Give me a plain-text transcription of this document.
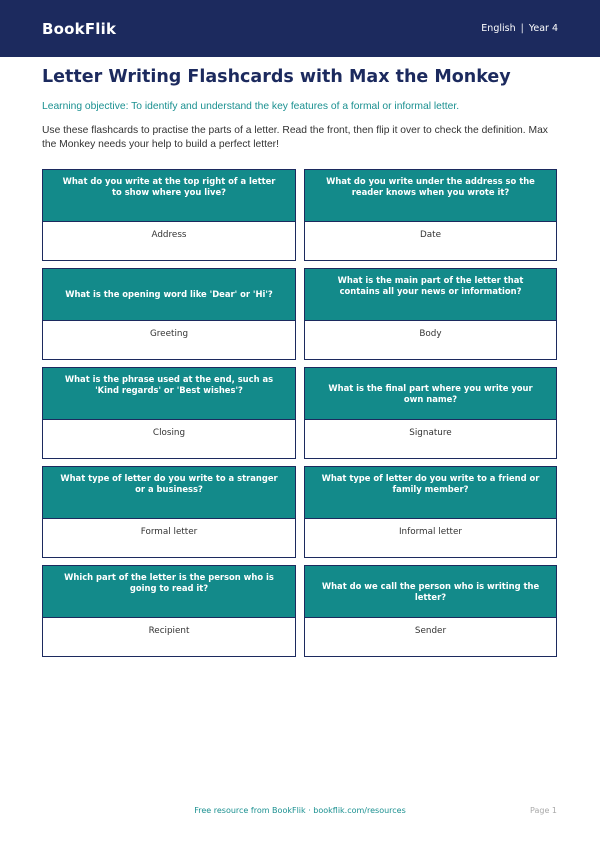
BookFlik	English | Year 4
Letter Writing Flashcards with Max the Monkey

Learning objective: To identify and understand the key features of a formal or informal letter.

Use these flashcards to practise the parts of a letter. Read the front, then flip it over to check the definition. Max the Monkey needs your help to build a perfect letter!

What do you write at the top right of a letter to show where you live?
Address
What do you write under the address so the reader knows when you wrote it?
Date
What is the opening word like 'Dear' or 'Hi'?
Greeting
What is the main part of the letter that contains all your news or information?
Body
What is the phrase used at the end, such as 'Kind regards' or 'Best wishes'?
Closing
What is the final part where you write your own name?
Signature
What type of letter do you write to a stranger or a business?
Formal letter
What type of letter do you write to a friend or family member?
Informal letter
Which part of the letter is the person who is going to read it?
Recipient
What do we call the person who is writing the letter?
Sender
Free resource from BookFlik · bookflik.com/resources	Page 1
